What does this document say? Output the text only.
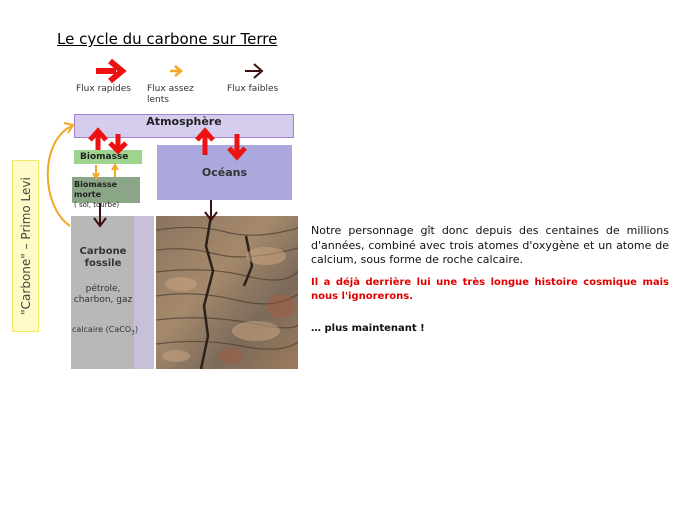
Le cycle du carbone sur Terre
Flux rapides Flux assez lents
Flux faibles
"Carbone" – Primo Levi
Atmosphère
Biomasse
Biomasse morte
( sol, tourbe)
Océans
Carbone fossile
pétrole, charbon, gaz
calcaire (CaCO$_3$)
Notre personnage gît donc depuis des centaines de millions d'années, combiné avec trois atomes d'oxygène et un atome de calcium, sous forme de roche calcaire.
Il a déjà derrière lui une très longue histoire cosmique mais nous l'ignorerons.
… plus maintenant !
